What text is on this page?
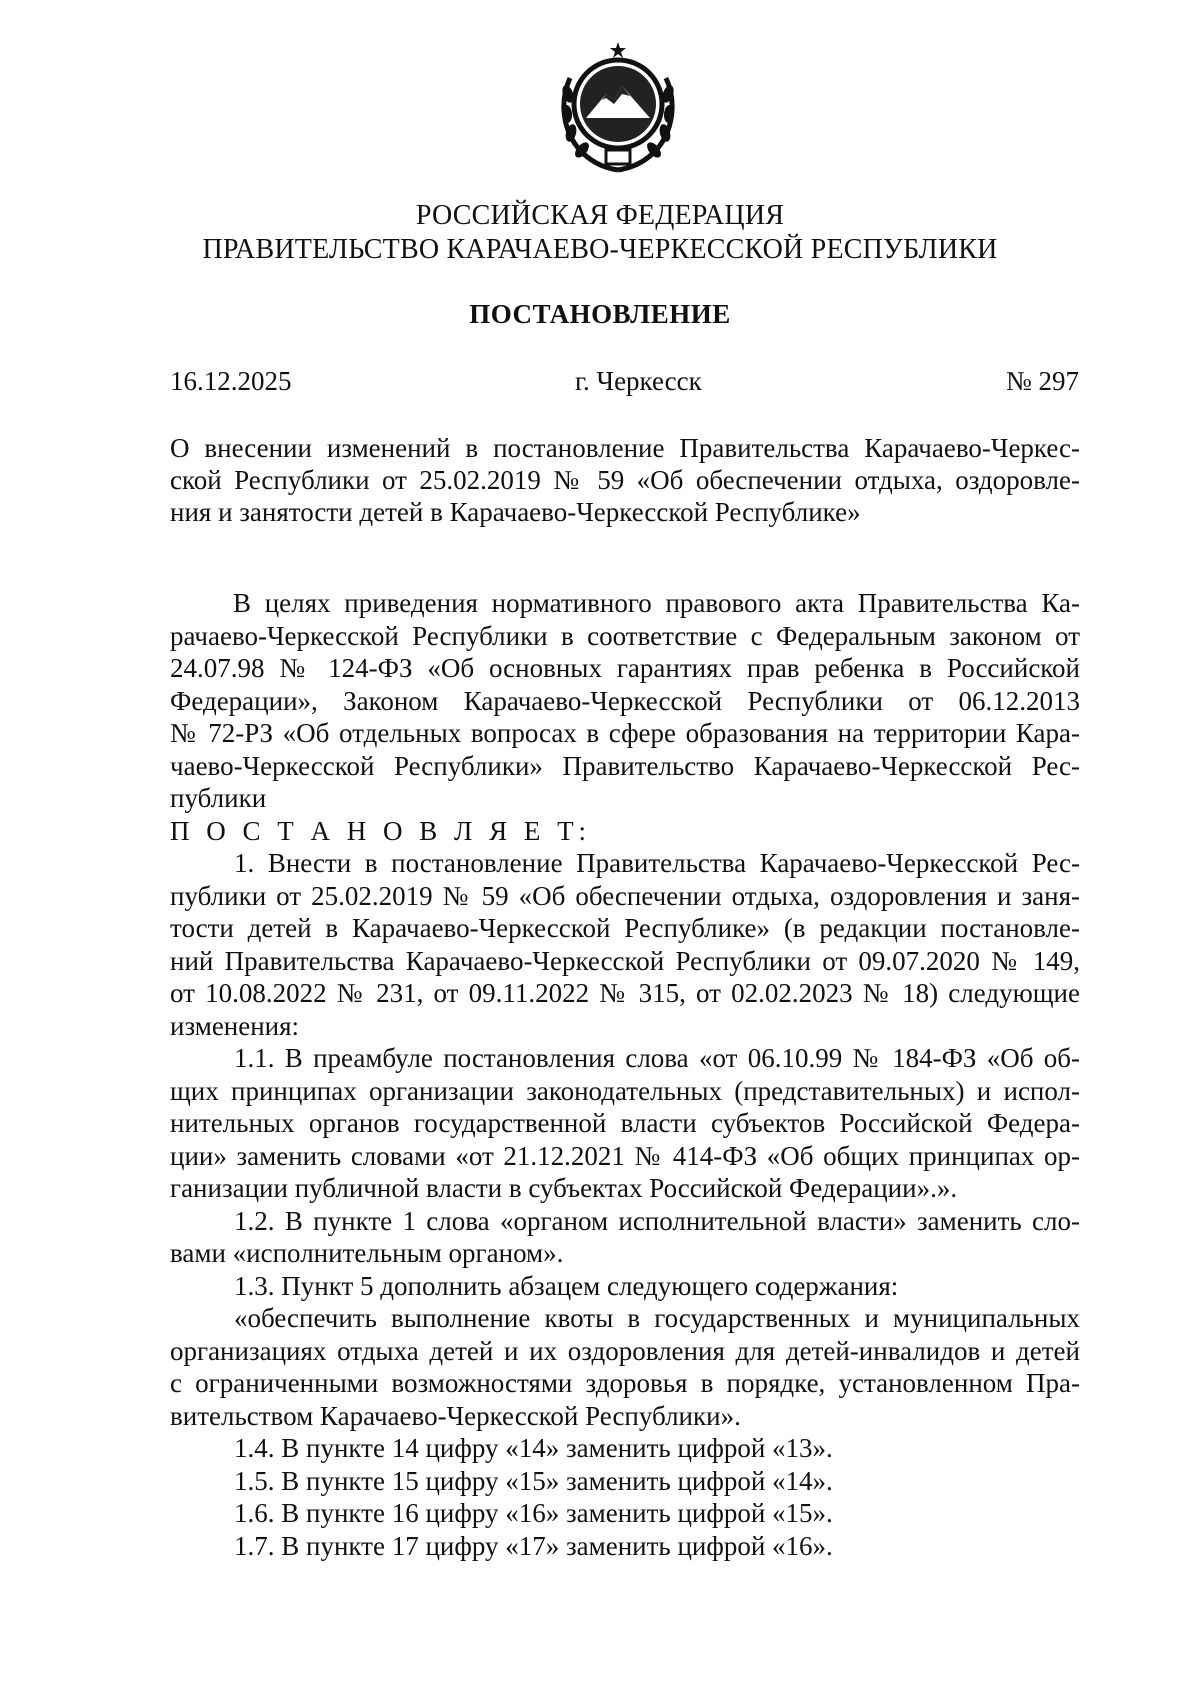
РОССИЙСКАЯ ФЕДЕРАЦИЯ
ПРАВИТЕЛЬСТВО КАРАЧАЕВО-ЧЕРКЕССКОЙ РЕСПУБЛИКИ
ПОСТАНОВЛЕНИЕ
16.12.2025	г. Черкесск	№ 297
О внесении изменений в постановление Правительства Карачаево-Черкес-
ской Республики от 25.02.2019 № 59 «Об обеспечении отдыха, оздоровле-
ния и занятости детей в Карачаево-Черкесской Республике»
В целях приведения нормативного правового акта Правительства Ка-
рачаево-Черкесской Республики в соответствие с Федеральным законом от
24.07.98 № 124-ФЗ «Об основных гарантиях прав ребенка в Российской
Федерации», Законом Карачаево-Черкесской Республики от 06.12.2013
№ 72-РЗ «Об отдельных вопросах в сфере образования на территории Кара-
чаево-Черкесской Республики» Правительство Карачаево-Черкесской Рес-
публики
П О С Т А Н О В Л Я Е Т:
1. Внести в постановление Правительства Карачаево-Черкесской Рес-
публики от 25.02.2019 № 59 «Об обеспечении отдыха, оздоровления и заня-
тости детей в Карачаево-Черкесской Республике» (в редакции постановле-
ний Правительства Карачаево-Черкесской Республики от 09.07.2020 № 149,
от 10.08.2022 № 231, от 09.11.2022 № 315, от 02.02.2023 № 18) следующие
изменения:
1.1. В преамбуле постановления слова «от 06.10.99 № 184-ФЗ «Об об-
щих принципах организации законодательных (представительных) и испол-
нительных органов государственной власти субъектов Российской Федера-
ции» заменить словами «от 21.12.2021 № 414-ФЗ «Об общих принципах ор-
ганизации публичной власти в субъектах Российской Федерации».».
1.2. В пункте 1 слова «органом исполнительной власти» заменить сло-
вами «исполнительным органом».
1.3. Пункт 5 дополнить абзацем следующего содержания:
«обеспечить выполнение квоты в государственных и муниципальных
организациях отдыха детей и их оздоровления для детей-инвалидов и детей
с ограниченными возможностями здоровья в порядке, установленном Пра-
вительством Карачаево-Черкесской Республики».
1.4. В пункте 14 цифру «14» заменить цифрой «13».
1.5. В пункте 15 цифру «15» заменить цифрой «14».
1.6. В пункте 16 цифру «16» заменить цифрой «15».
1.7. В пункте 17 цифру «17» заменить цифрой «16».
